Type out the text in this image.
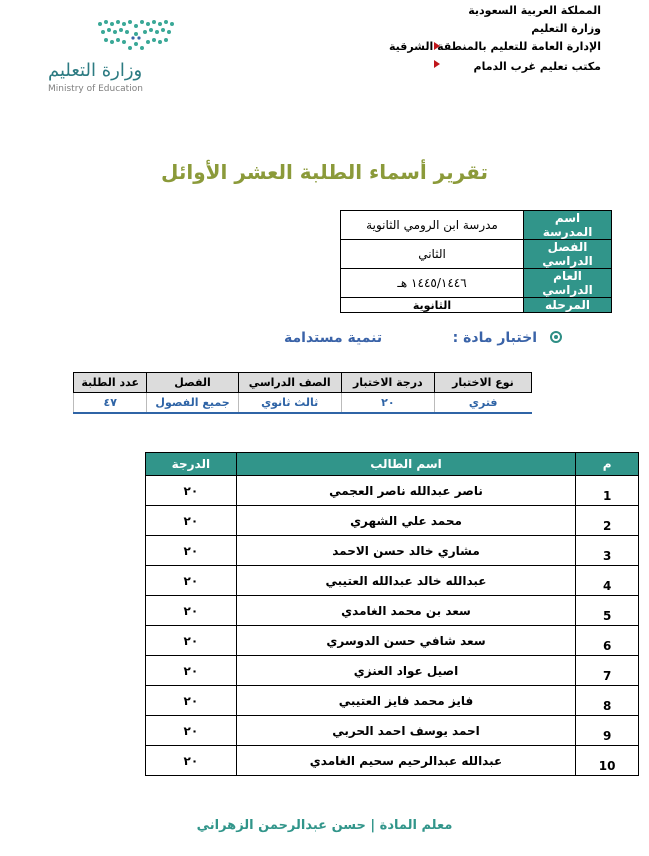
المملكة العربية السعودية
وزارة التعليم
الإدارة العامة للتعليم بالمنطقة الشرقية
مكتب تعليم غرب الدمام
وزارة التعليم
Ministry of Education
تقرير أسماء الطلبة العشر الأوائل
اسم المدرسة	مدرسة ابن الرومي الثانوية
الفصل الدراسي	الثاني
العام الدراسي	١٤٤٥/١٤٤٦ هـ
المرحله	الثانوية
اختبار مادة :
تنمية مستدامة
نوع الاختبار	درجة الاختبار	الصف الدراسي	الفصل	عدد الطلبة
فتري	٢٠	ثالث ثانوي	جميع الفصول	٤٧
م	اسم الطالب	الدرجة
1	ناصر عبدالله ناصر العجمي	٢٠
2	محمد علي الشهري	٢٠
3	مشاري خالد حسن الاحمد	٢٠
4	عبدالله خالد عبدالله العتيبي	٢٠
5	سعد بن محمد الغامدي	٢٠
6	سعد شافي حسن الدوسري	٢٠
7	اصيل عواد العنزي	٢٠
8	فايز محمد فايز العتيبي	٢٠
9	احمد يوسف احمد الحربي	٢٠
10	عبدالله عبدالرحيم سحيم الغامدي	٢٠
معلم المادة | حسن عبدالرحمن الزهراني
